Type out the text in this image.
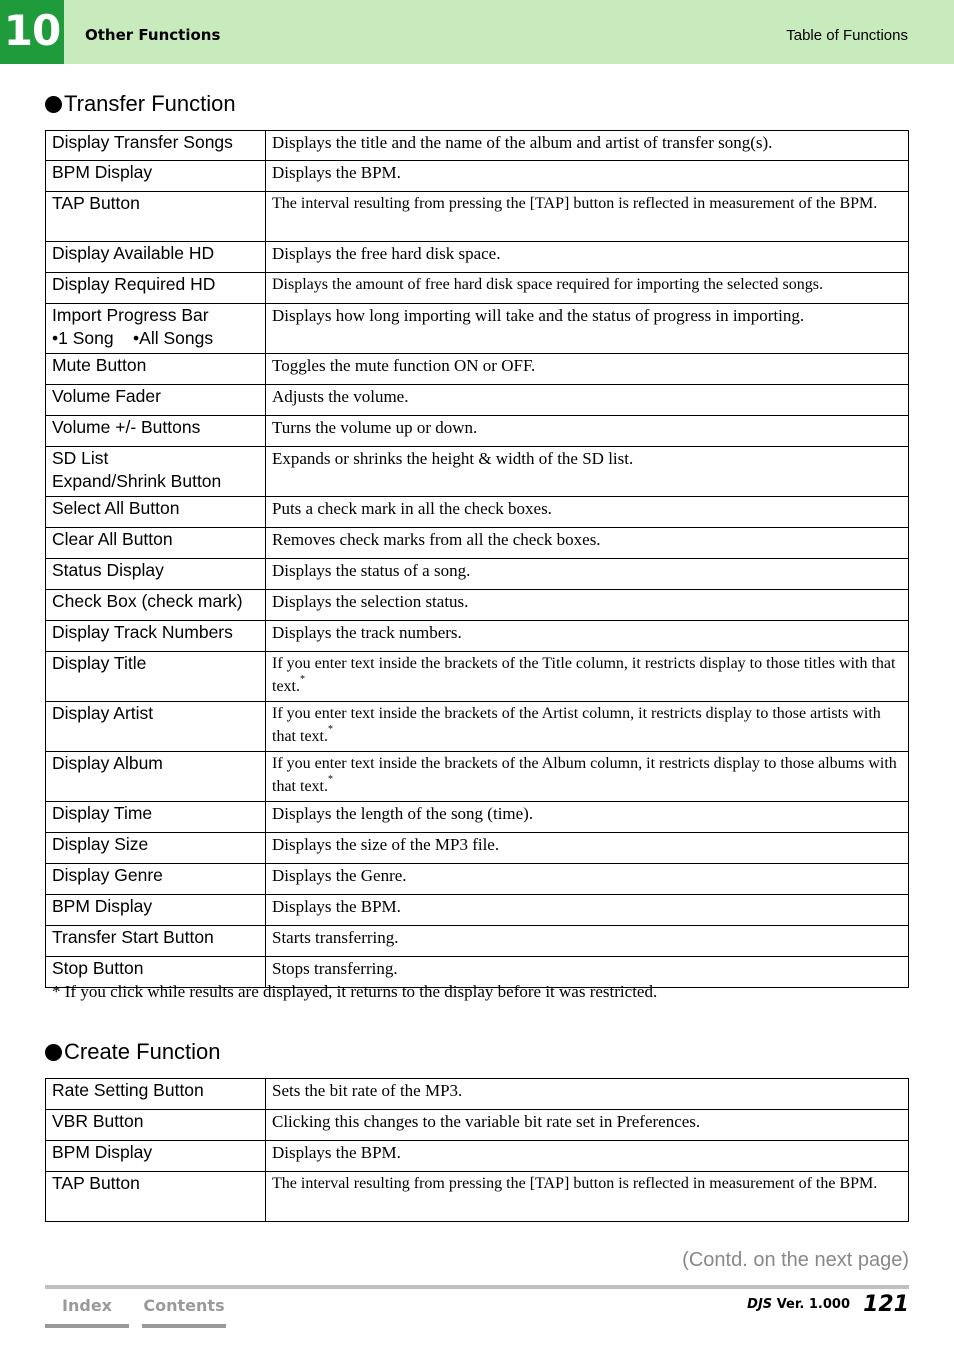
10 Other Functions	Table of Functions
Transfer Function
Display Transfer Songs	Displays the title and the name of the album and artist of transfer song(s).

BPM Display	Displays the BPM.

TAP Button	The interval resulting from pressing the [TAP] button is reflected in measurement of the BPM.

Display Available HD	Displays the free hard disk space.

Display Required HD	Displays the amount of free hard disk space required for importing the selected songs.

Import Progress Bar
•1 Song    •All Songs	Displays how long importing will take and the status of progress in importing.

Mute Button	Toggles the mute function ON or OFF.

Volume Fader	Adjusts the volume.

Volume +/- Buttons	Turns the volume up or down.

SD List
Expand/Shrink Button	Expands or shrinks the height & width of the SD list.

Select All Button	Puts a check mark in all the check boxes.

Clear All Button	Removes check marks from all the check boxes.

Status Display	Displays the status of a song.

Check Box (check mark)	Displays the selection status.

Display Track Numbers	Displays the track numbers.

Display Title	If you enter text inside the brackets of the Title column, it restricts display to those titles with that text.*

Display Artist	If you enter text inside the brackets of the Artist column, it restricts display to those artists with that text.*

Display Album	If you enter text inside the brackets of the Album column, it restricts display to those albums with that text.*

Display Time	Displays the length of the song (time).

Display Size	Displays the size of the MP3 file.

Display Genre	Displays the Genre.

BPM Display	Displays the BPM.

Transfer Start Button	Starts transferring.

Stop Button	Stops transferring.
* If you click while results are displayed, it returns to the display before it was restricted.
Create Function
Rate Setting Button	Sets the bit rate of the MP3.

VBR Button	Clicking this changes to the variable bit rate set in Preferences.

BPM Display	Displays the BPM.

TAP Button	The interval resulting from pressing the [TAP] button is reflected in measurement of the BPM.
(Contd. on the next page)
Index	Contents	DJS Ver. 1.000 121
